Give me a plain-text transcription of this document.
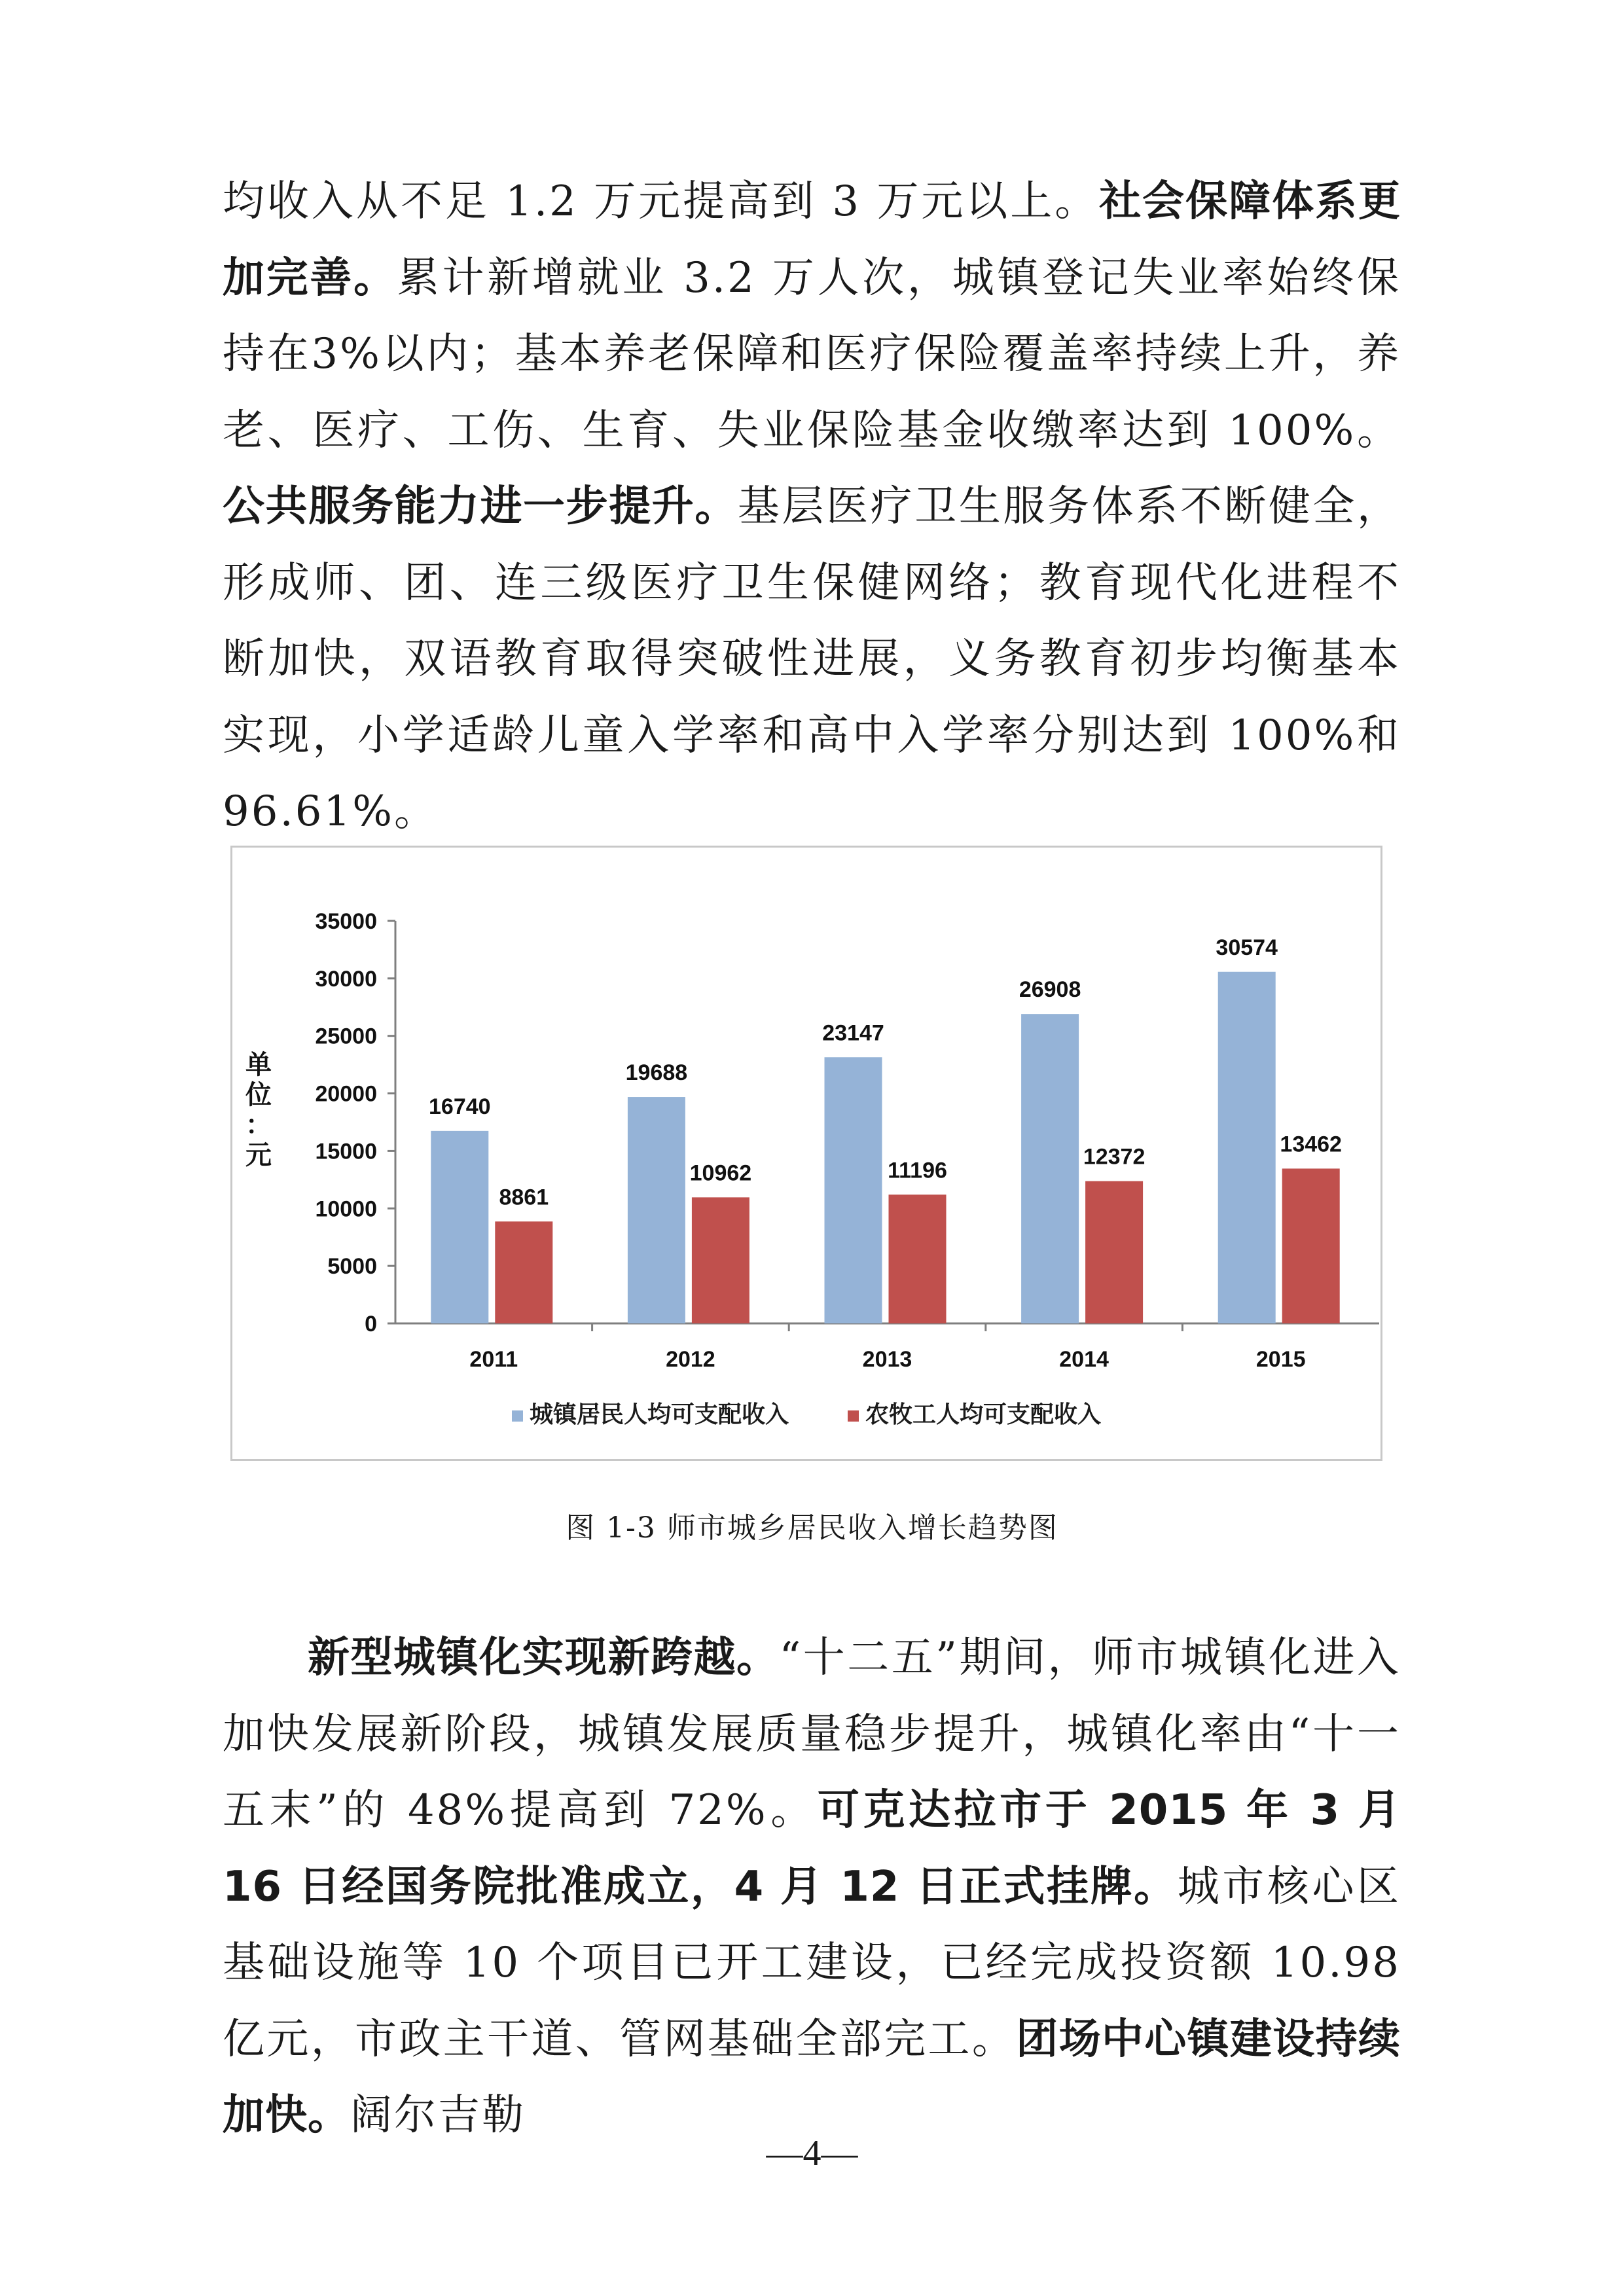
均收入从不足 1.2 万元提高到 3 万元以上。社会保障体系更加完善。累计新增就业 3.2 万人次，城镇登记失业率始终保持在3%以内；基本养老保障和医疗保险覆盖率持续上升，养老、医疗、工伤、生育、失业保险基金收缴率达到 100%。公共服务能力进一步提升。基层医疗卫生服务体系不断健全，形成师、团、连三级医疗卫生保健网络；教育现代化进程不断加快，双语教育取得突破性进展，义务教育初步均衡基本实现，小学适龄儿童入学率和高中入学率分别达到 100%和 96.61%。
0
5000
10000
15000
20000
25000
30000
35000
单
位
：
元
2011
16740
8861
2012
19688
10962
2013
23147
11196
2014
26908
12372
2015
30574
13462
城镇居民人均可支配收入	农牧工人均可支配收入
图 1-3 师市城乡居民收入增长趋势图
新型城镇化实现新跨越。“十二五”期间，师市城镇化进入加快发展新阶段，城镇发展质量稳步提升，城镇化率由“十一五末”的 48%提高到 72%。可克达拉市于 2015 年 3 月 16 日经国务院批准成立，4 月 12 日正式挂牌。城市核心区基础设施等 10 个项目已开工建设，已经完成投资额 10.98 亿元，市政主干道、管网基础全部完工。团场中心镇建设持续加快。阔尔吉勒
—4—
